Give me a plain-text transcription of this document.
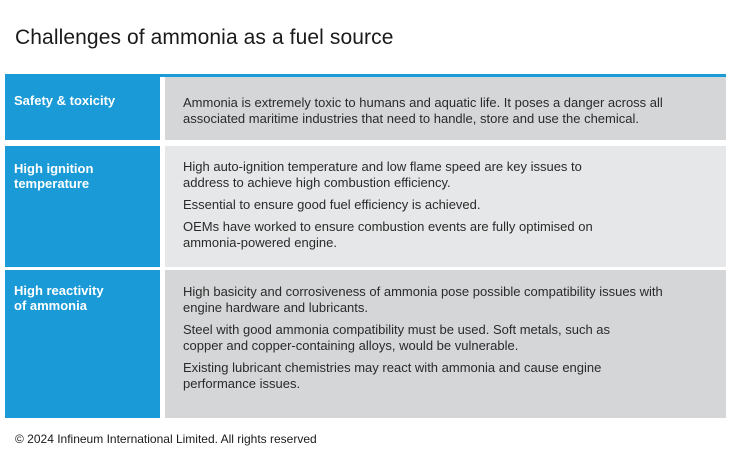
Challenges of ammonia as a fuel source
Safety & toxicity	Ammonia is extremely toxic to humans and aquatic life. It poses a danger across all associated maritime industries that need to handle, store and use the chemical.

High ignition temperature

High auto-ignition temperature and low flame speed are key issues to address to achieve high combustion efficiency.

Essential to ensure good fuel efficiency is achieved.

OEMs have worked to ensure combustion events are fully optimised on ammonia-powered engine.

High reactivity of ammonia

High basicity and corrosiveness of ammonia pose possible compatibility issues with engine hardware and lubricants.

Steel with good ammonia compatibility must be used. Soft metals, such as copper and copper-containing alloys, would be vulnerable.

Existing lubricant chemistries may react with ammonia and cause engine performance issues.

© 2024 Infineum International Limited. All rights reserved
